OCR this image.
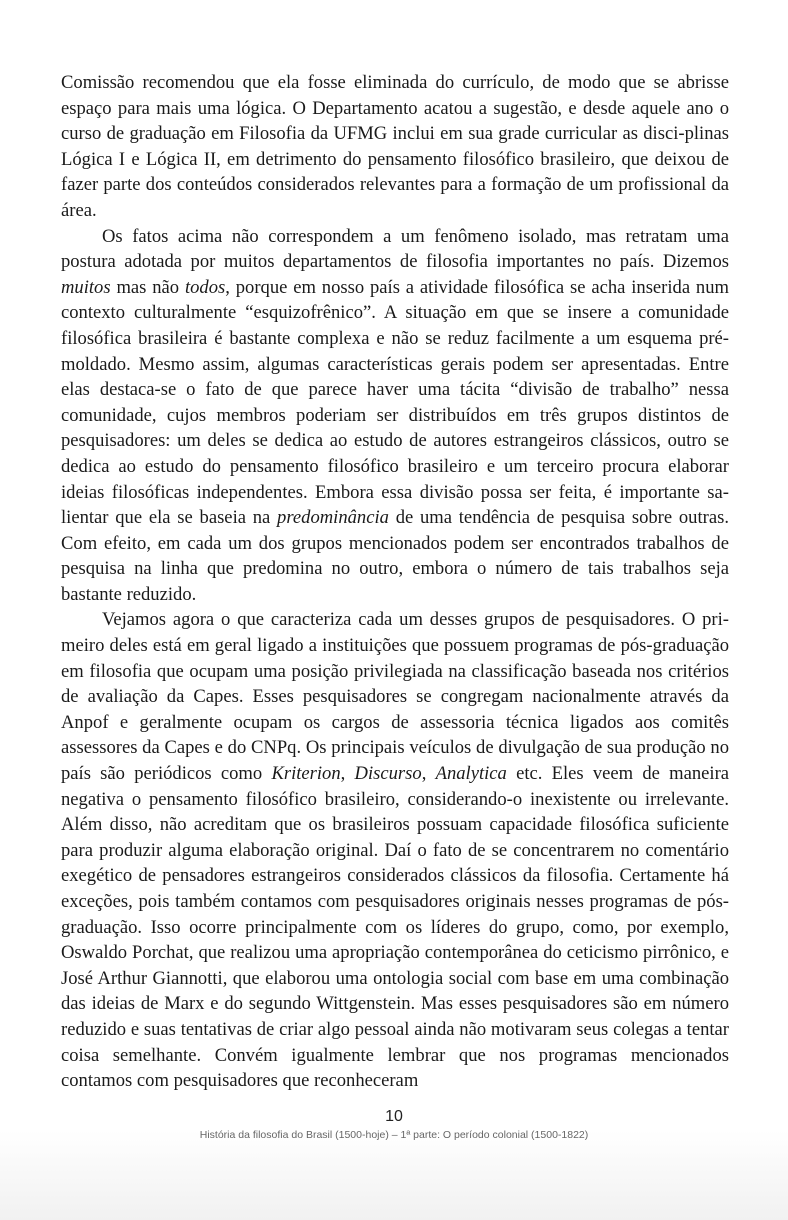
Comissão recomendou que ela fosse eliminada do currículo, de modo que se abrisse espaço para mais uma lógica. O Departamento acatou a sugestão, e desde aquele ano o curso de graduação em Filosofia da UFMG inclui em sua grade curricular as disci-plinas Lógica I e Lógica II, em detrimento do pensamento filosófico brasileiro, que deixou de fazer parte dos conteúdos considerados relevantes para a formação de um profissional da área.

Os fatos acima não correspondem a um fenômeno isolado, mas retratam uma postura adotada por muitos departamentos de filosofia importantes no país. Dizemos muitos mas não todos, porque em nosso país a atividade filosófica se acha inserida num contexto culturalmente “esquizofrênico”. A situação em que se insere a comunidade filosófica brasileira é bastante complexa e não se reduz facilmente a um esquema pré-moldado. Mesmo assim, algumas características gerais podem ser apresentadas. Entre elas destaca-se o fato de que parece haver uma tácita “divisão de trabalho” nessa comunidade, cujos membros poderiam ser distribuídos em três grupos distintos de pesquisadores: um deles se dedica ao estudo de autores estrangeiros clássicos, outro se dedica ao estudo do pensamento filosófico brasileiro e um terceiro procura elaborar ideias filosóficas independentes. Embora essa divisão possa ser feita, é importante salientar que ela se baseia na predominância de uma tendência de pesquisa sobre outras. Com efeito, em cada um dos grupos mencionados podem ser encontrados trabalhos de pesquisa na linha que predomina no outro, embora o número de tais trabalhos seja bastante reduzido.

Vejamos agora o que caracteriza cada um desses grupos de pesquisadores. O primeiro deles está em geral ligado a instituições que possuem programas de pós-graduação em filosofia que ocupam uma posição privilegiada na classificação baseada nos critérios de avaliação da Capes. Esses pesquisadores se congregam nacionalmente através da Anpof e geralmente ocupam os cargos de assessoria técnica ligados aos comitês assessores da Capes e do CNPq. Os principais veículos de divulgação de sua produção no país são periódicos como Kriterion, Discurso, Analytica etc. Eles veem de maneira negativa o pensamento filosófico brasileiro, considerando-o inexistente ou irrelevante. Além disso, não acreditam que os brasileiros possuam capacidade filosófica suficiente para produzir alguma elaboração original. Daí o fato de se concentrarem no comentário exegético de pensadores estrangeiros considerados clássicos da filosofia. Certamente há exceções, pois também contamos com pesquisadores originais nesses programas de pós-graduação. Isso ocorre principalmente com os líderes do grupo, como, por exemplo, Oswaldo Porchat, que realizou uma apropriação contemporânea do ceticismo pirrônico, e José Arthur Giannotti, que elaborou uma ontologia social com base em uma combinação das ideias de Marx e do segundo Wittgenstein. Mas esses pesquisadores são em número reduzido e suas tentativas de criar algo pessoal ainda não motivaram seus colegas a tentar coisa semelhante. Convém igualmente lembrar que nos programas mencionados contamos com pesquisadores que reconheceram

10
História da filosofia do Brasil (1500-hoje) – 1ª parte: O período colonial (1500-1822)
